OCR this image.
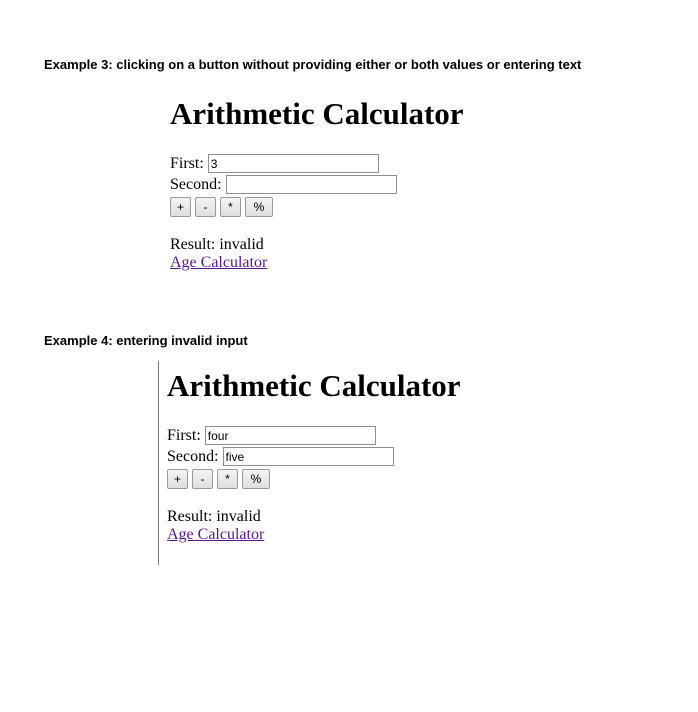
Example 3: clicking on a button without providing either or both values or entering text
Arithmetic Calculator
First:
3
Second:
+	-	*	%
Result: invalid
Age Calculator
Example 4: entering invalid input
Arithmetic Calculator
First:
four
Second:
five
+	-	*	%
Result: invalid
Age Calculator
